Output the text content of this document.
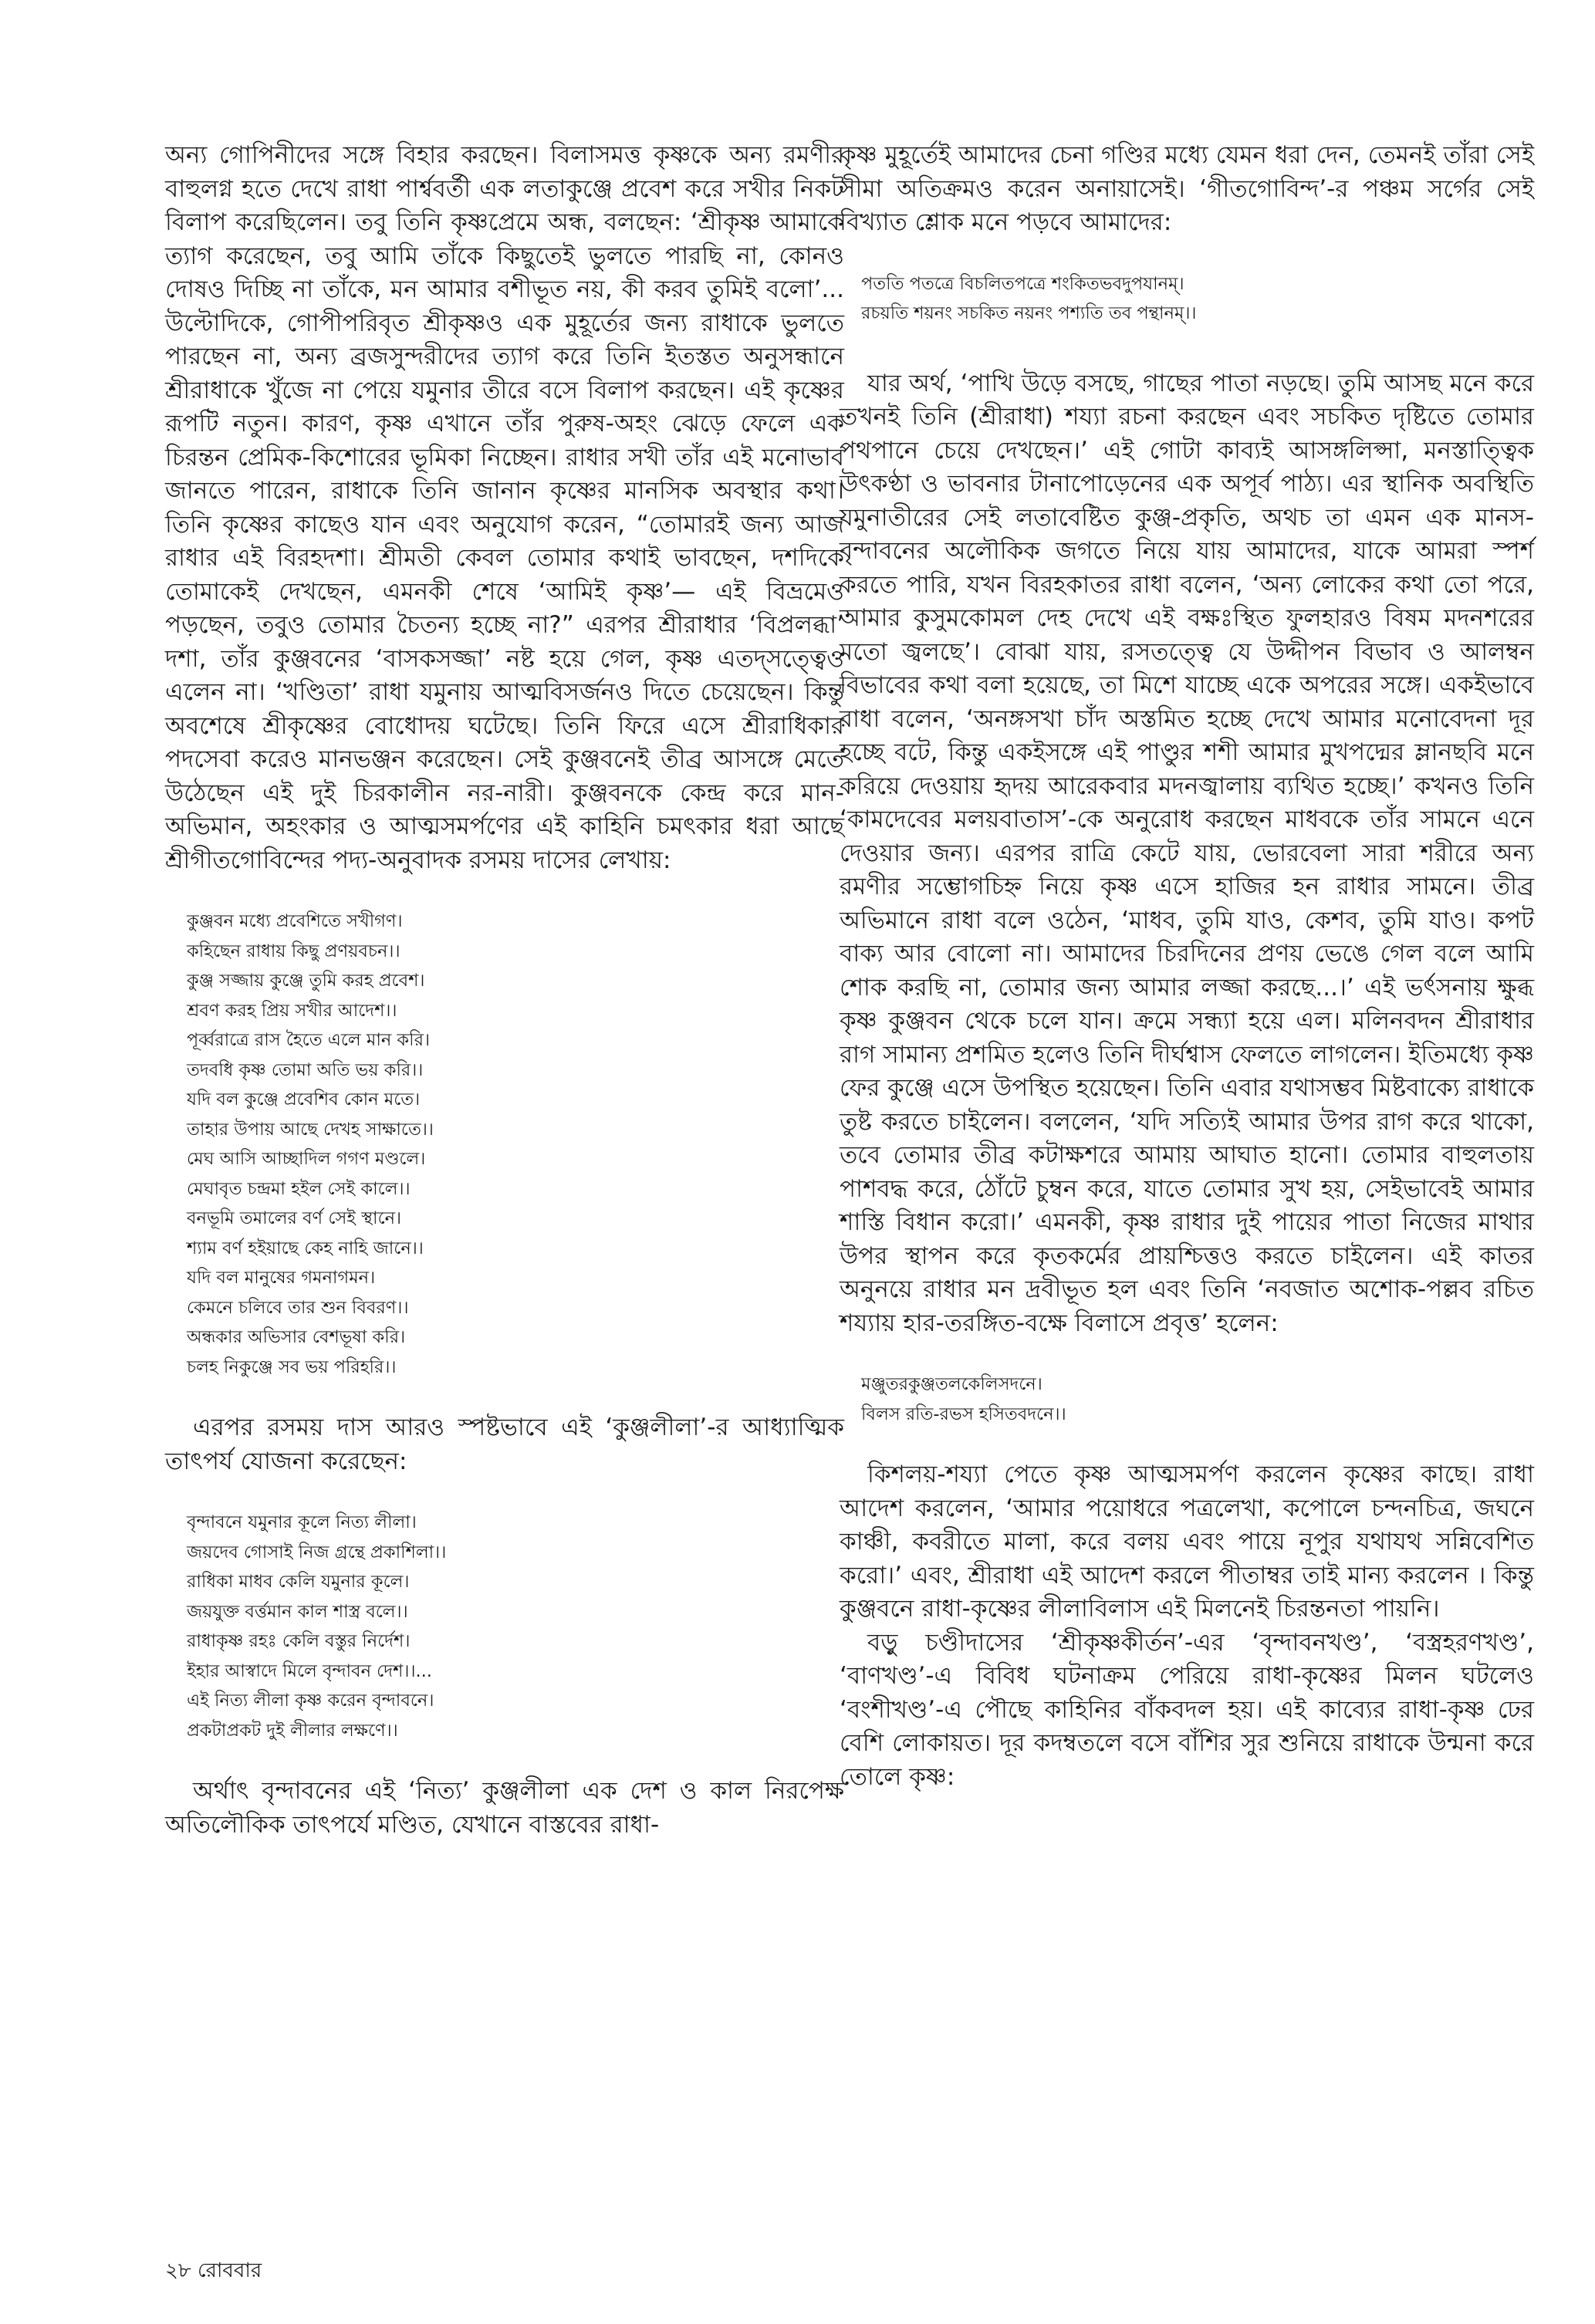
অন্য গোপিনীদের সঙ্গে বিহার করছেন। বিলাসমত্ত কৃষ্ণকে অন্য রমণীর বাহুলগ্ন হতে দেখে রাধা পার্শ্ববর্তী এক লতাকুঞ্জে প্রবেশ করে সখীর নিকট বিলাপ করেছিলেন। তবু তিনি কৃষ্ণপ্রেমে অন্ধ, বলছেন: ‘শ্রীকৃষ্ণ আমাকে ত্যাগ করেছেন, তবু আমি তাঁকে কিছুতেই ভুলতে পারছি না, কোনও দোষও দিচ্ছি না তাঁকে, মন আমার বশীভূত নয়, কী করব তুমিই বলো’... উল্টোদিকে, গোপীপরিবৃত শ্রীকৃষ্ণও এক মুহূর্তের জন্য রাধাকে ভুলতে পারছেন না, অন্য ব্রজসুন্দরীদের ত্যাগ করে তিনি ইতস্তত অনুসন্ধানে শ্রীরাধাকে খুঁজে না পেয়ে যমুনার তীরে বসে বিলাপ করছেন। এই কৃষ্ণের রূপটি নতুন। কারণ, কৃষ্ণ এখানে তাঁর পুরুষ-অহং ঝেড়ে ফেলে এক চিরন্তন প্রেমিক-কিশোরের ভূমিকা নিচ্ছেন। রাধার সখী তাঁর এই মনোভাব জানতে পারেন, রাধাকে তিনি জানান কৃষ্ণের মানসিক অবস্থার কথা। তিনি কৃষ্ণের কাছেও যান এবং অনুযোগ করেন, “তোমারই জন্য আজ রাধার এই বিরহদশা। শ্রীমতী কেবল তোমার কথাই ভাবছেন, দশদিকে তোমাকেই দেখছেন, এমনকী শেষে ‘আমিই কৃষ্ণ’— এই বিভ্রমেও পড়ছেন, তবুও তোমার চৈতন্য হচ্ছে না?” এরপর শ্রীরাধার ‘বিপ্রলব্ধা’ দশা, তাঁর কুঞ্জবনের ‘বাসকসজ্জা’ নষ্ট হয়ে গেল, কৃষ্ণ এতদ্সত্ত্বেও এলেন না। ‘খণ্ডিতা’ রাধা যমুনায় আত্মবিসর্জনও দিতে চেয়েছেন। কিন্তু অবশেষে শ্রীকৃষ্ণের বোধোদয় ঘটেছে। তিনি ফিরে এসে শ্রীরাধিকার পদসেবা করেও মানভঞ্জন করেছেন। সেই কুঞ্জবনেই তীব্র আসঙ্গে মেতে উঠেছেন এই দুই চিরকালীন নর-নারী। কুঞ্জবনকে কেন্দ্র করে মান-অভিমান, অহংকার ও আত্মসমর্পণের এই কাহিনি চমৎকার ধরা আছে শ্রীগীতগোবিন্দের পদ্য-অনুবাদক রসময় দাসের লেখায়:

কুঞ্জবন মধ্যে প্রবেশিতে সখীগণ।
কহিছেন রাধায় কিছু প্রণয়বচন।।
কুঞ্জ সজ্জায় কুঞ্জে তুমি করহ প্রবেশ।
শ্রবণ করহ প্রিয় সখীর আদেশ।।
পূর্ব্বরাত্রে রাস হৈতে এলে মান করি।
তদবধি কৃষ্ণ তোমা অতি ভয় করি।।
যদি বল কুঞ্জে প্রবেশিব কোন মতে।
তাহার উপায় আছে দেখহ সাক্ষাতে।।
মেঘ আসি আচ্ছাদিল গগণ মণ্ডলে।
মেঘাবৃত চন্দ্রমা হইল সেই কালে।।
বনভূমি তমালের বর্ণ সেই স্থানে।
শ্যাম বর্ণ হইয়াছে কেহ নাহি জানে।।
যদি বল মানুষের গমনাগমন।
কেমনে চলিবে তার শুন বিবরণ।।
অন্ধকার অভিসার বেশভূষা করি।
চলহ নিকুঞ্জে সব ভয় পরিহরি।।

এরপর রসময় দাস আরও স্পষ্টভাবে এই ‘কুঞ্জলীলা’-র আধ্যাত্মিক তাৎপর্য যোজনা করেছেন:

বৃন্দাবনে যমুনার কূলে নিত্য লীলা।
জয়দেব গোসাই নিজ গ্রন্থে প্রকাশিলা।।
রাধিকা মাধব কেলি যমুনার কূলে।
জয়যুক্ত বর্ত্তমান কাল শাস্ত্র বলে।।
রাধাকৃষ্ণ রহঃ কেলি বস্তুর নির্দেশ।
ইহার আস্বাদে মিলে বৃন্দাবন দেশ।।...
এই নিত্য লীলা কৃষ্ণ করেন বৃন্দাবনে।
প্রকটাপ্রকট দুই লীলার লক্ষণে।।

অর্থাৎ বৃন্দাবনের এই ‘নিত্য’ কুঞ্জলীলা এক দেশ ও কাল নিরপেক্ষ অতিলৌকিক তাৎপর্যে মণ্ডিত, যেখানে বাস্তবের রাধা-

কৃষ্ণ মুহূর্তেই আমাদের চেনা গণ্ডির মধ্যে যেমন ধরা দেন, তেমনই তাঁরা সেই সীমা অতিক্রমও করেন অনায়াসেই। ‘গীতগোবিন্দ’-র পঞ্চম সর্গের সেই বিখ্যাত শ্লোক মনে পড়বে আমাদের:

পততি পতত্রে বিচলিতপত্রে শংকিতভবদুপযানম্।
রচয়তি শয়নং সচকিত নয়নং পশ্যতি তব পন্থানম্।।

যার অর্থ, ‘পাখি উড়ে বসছে, গাছের পাতা নড়ছে। তুমি আসছ মনে করে তখনই তিনি (শ্রীরাধা) শয্যা রচনা করছেন এবং সচকিত দৃষ্টিতে তোমার পথপানে চেয়ে দেখছেন।’ এই গোটা কাব্যই আসঙ্গলিপ্সা, মনস্তাত্ত্বিক উৎকণ্ঠা ও ভাবনার টানাপোড়েনের এক অপূর্ব পাঠ্য। এর স্থানিক অবস্থিতি যমুনাতীরের সেই লতাবেষ্টিত কুঞ্জ-প্রকৃতি, অথচ তা এমন এক মানস-বৃন্দাবনের অলৌকিক জগতে নিয়ে যায় আমাদের, যাকে আমরা স্পর্শ করতে পারি, যখন বিরহকাতর রাধা বলেন, ‘অন্য লোকের কথা তো পরে, আমার কুসুমকোমল দেহ দেখে এই বক্ষঃস্থিত ফুলহারও বিষম মদনশরের মতো জ্বলছে’। বোঝা যায়, রসতত্ত্বে যে উদ্দীপন বিভাব ও আলম্বন বিভাবের কথা বলা হয়েছে, তা মিশে যাচ্ছে একে অপরের সঙ্গে। একইভাবে রাধা বলেন, ‘অনঙ্গসখা চাঁদ অস্তমিত হচ্ছে দেখে আমার মনোবেদনা দূর হচ্ছে বটে, কিন্তু একইসঙ্গে এই পাণ্ডুর শশী আমার মুখপদ্মের ম্লানছবি মনে করিয়ে দেওয়ায় হৃদয় আরেকবার মদনজ্বালায় ব্যথিত হচ্ছে।’ কখনও তিনি ‘কামদেবের মলয়বাতাস’-কে অনুরোধ করছেন মাধবকে তাঁর সামনে এনে দেওয়ার জন্য। এরপর রাত্রি কেটে যায়, ভোরবেলা সারা শরীরে অন্য রমণীর সম্ভোগচিহ্ন নিয়ে কৃষ্ণ এসে হাজির হন রাধার সামনে। তীব্র অভিমানে রাধা বলে ওঠেন, ‘মাধব, তুমি যাও, কেশব, তুমি যাও। কপট বাক্য আর বোলো না। আমাদের চিরদিনের প্রণয় ভেঙে গেল বলে আমি শোক করছি না, তোমার জন্য আমার লজ্জা করছে...।’ এই ভর্ৎসনায় ক্ষুব্ধ কৃষ্ণ কুঞ্জবন থেকে চলে যান। ক্রমে সন্ধ্যা হয়ে এল। মলিনবদন শ্রীরাধার রাগ সামান্য প্রশমিত হলেও তিনি দীর্ঘশ্বাস ফেলতে লাগলেন। ইতিমধ্যে কৃষ্ণ ফের কুঞ্জে এসে উপস্থিত হয়েছেন। তিনি এবার যথাসম্ভব মিষ্টবাক্যে রাধাকে তুষ্ট করতে চাইলেন। বললেন, ‘যদি সত্যিই আমার উপর রাগ করে থাকো, তবে তোমার তীব্র কটাক্ষশরে আমায় আঘাত হানো। তোমার বাহুলতায় পাশবদ্ধ করে, ঠোঁটে চুম্বন করে, যাতে তোমার সুখ হয়, সেইভাবেই আমার শাস্তি বিধান করো।’ এমনকী, কৃষ্ণ রাধার দুই পায়ের পাতা নিজের মাথার উপর স্থাপন করে কৃতকর্মের প্রায়শ্চিত্তও করতে চাইলেন। এই কাতর অনুনয়ে রাধার মন দ্রবীভূত হল এবং তিনি ‘নবজাত অশোক-পল্লব রচিত শয্যায় হার-তরঙ্গিত-বক্ষে বিলাসে প্রবৃত্ত’ হলেন:

মঞ্জুতরকুঞ্জতলকেলিসদনে।
বিলস রতি-রভস হসিতবদনে।।

কিশলয়-শয্যা পেতে কৃষ্ণ আত্মসমর্পণ করলেন কৃষ্ণের কাছে। রাধা আদেশ করলেন, ‘আমার পয়োধরে পত্রলেখা, কপোলে চন্দনচিত্র, জঘনে কাঞ্চী, কবরীতে মালা, করে বলয় এবং পায়ে নূপুর যথাযথ সন্নিবেশিত করো।’ এবং, শ্রীরাধা এই আদেশ করলে পীতাম্বর তাই মান্য করলেন । কিন্তু কুঞ্জবনে রাধা-কৃষ্ণের লীলাবিলাস এই মিলনেই চিরন্তনতা পায়নি।

বড়ু চণ্ডীদাসের ‘শ্রীকৃষ্ণকীর্তন’-এর ‘বৃন্দাবনখণ্ড’, ‘বস্ত্রহরণখণ্ড’, ‘বাণখণ্ড’-এ বিবিধ ঘটনাক্রম পেরিয়ে রাধা-কৃষ্ণের মিলন ঘটলেও ‘বংশীখণ্ড’-এ পৌছে কাহিনির বাঁকবদল হয়। এই কাব্যের রাধা-কৃষ্ণ ঢের বেশি লোকায়ত। দূর কদম্বতলে বসে বাঁশির সুর শুনিয়ে রাধাকে উন্মনা করে তোলে কৃষ্ণ:

২৮ রোববার
